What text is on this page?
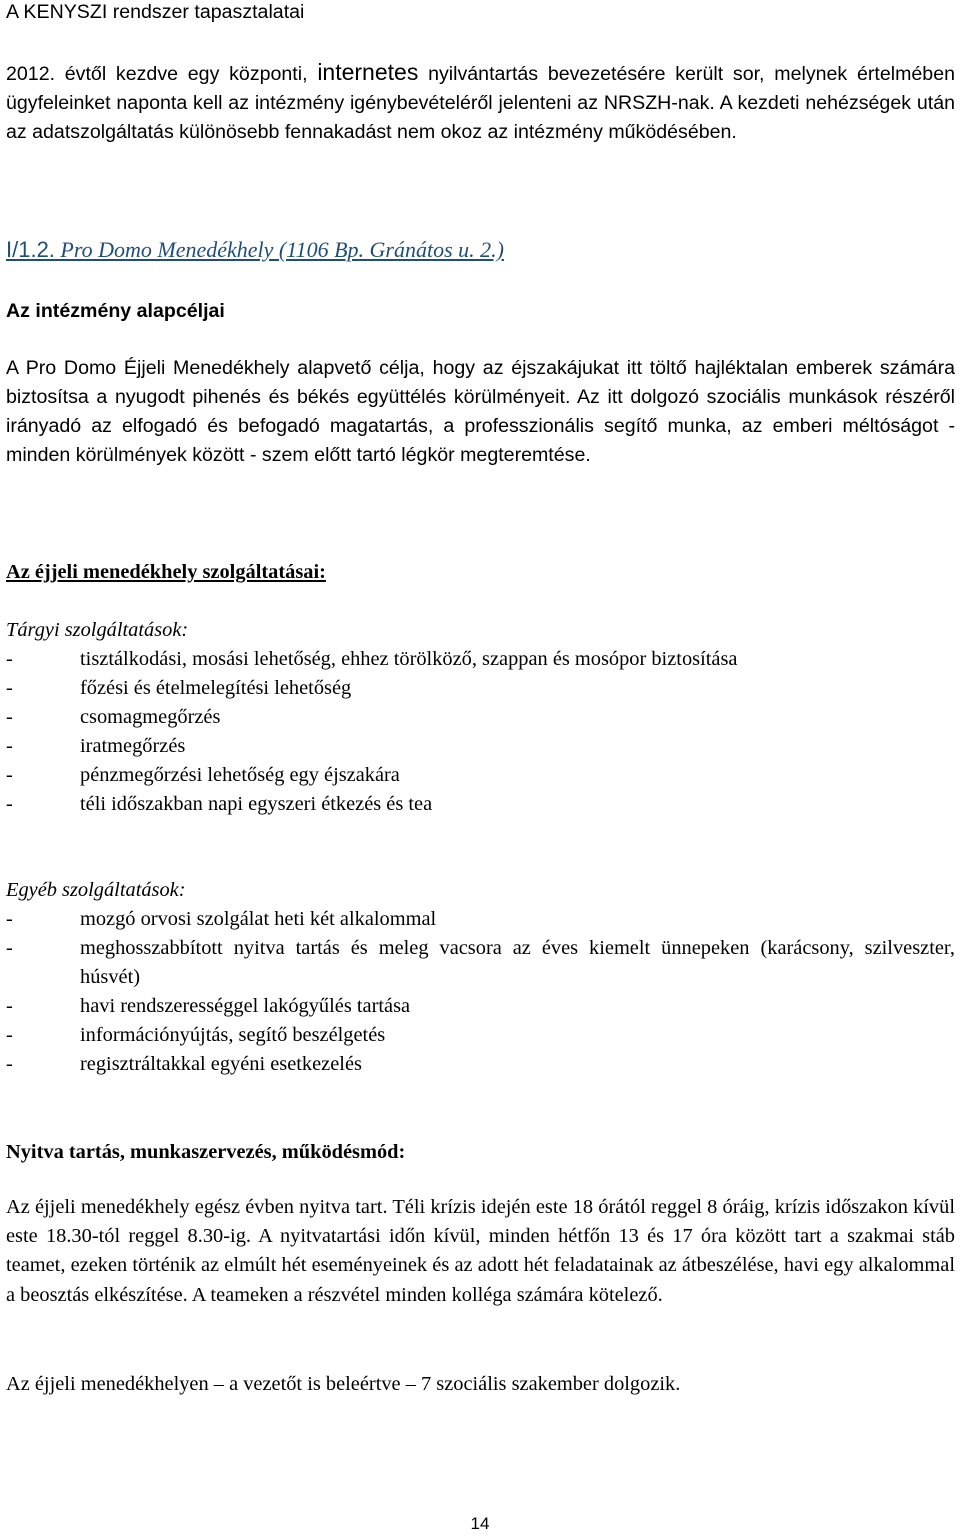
A KENYSZI rendszer tapasztalatai

2012. évtől kezdve egy központi, internetes nyilvántartás bevezetésére került sor, melynek értelmében ügyfeleinket naponta kell az intézmény igénybevételéről jelenteni az NRSZH-nak. A kezdeti nehézségek után az adatszolgáltatás különösebb fennakadást nem okoz az intézmény működésében.

I/1.2. Pro Domo Menedékhely (1106 Bp. Gránátos u. 2.)
Az intézmény alapcéljai

A Pro Domo Éjjeli Menedékhely alapvető célja, hogy az éjszakájukat itt töltő hajléktalan emberek számára biztosítsa a nyugodt pihenés és békés együttélés körülményeit. Az itt dolgozó szociális munkások részéről irányadó az elfogadó és befogadó magatartás, a professzionális segítő munka, az emberi méltóságot - minden körülmények között - szem előtt tartó légkör megteremtése.

Az éjjeli menedékhely szolgáltatásai:
Tárgyi szolgáltatások:
- tisztálkodási, mosási lehetőség, ehhez törölköző, szappan és mosópor biztosítása
- főzési és ételmelegítési lehetőség
- csomagmegőrzés
- iratmegőrzés
- pénzmegőrzési lehetőség egy éjszakára
- téli időszakban napi egyszeri étkezés és tea
Egyéb szolgáltatások:
- mozgó orvosi szolgálat heti két alkalommal
- meghosszabbított nyitva tartás és meleg vacsora az éves kiemelt ünnepeken (karácsony, szilveszter, húsvét)
- havi rendszerességgel lakógyűlés tartása
- információnyújtás, segítő beszélgetés
- regisztráltakkal egyéni esetkezelés
Nyitva tartás, munkaszervezés, működésmód:

Az éjjeli menedékhely egész évben nyitva tart. Téli krízis idején este 18 órától reggel 8 óráig, krízis időszakon kívül este 18.30-tól reggel 8.30-ig. A nyitvatartási időn kívül, minden hétfőn 13 és 17 óra között tart a szakmai stáb teamet, ezeken történik az elmúlt hét eseményeinek és az adott hét feladatainak az átbeszélése, havi egy alkalommal a beosztás elkészítése. A teameken a részvétel minden kolléga számára kötelező.

Az éjjeli menedékhelyen – a vezetőt is beleértve – 7 szociális szakember dolgozik.

14
